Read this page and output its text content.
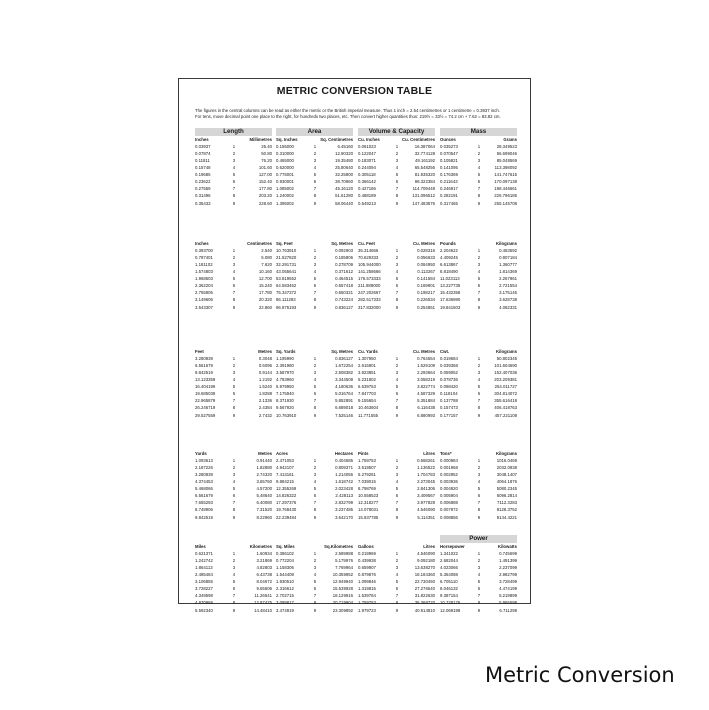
METRIC CONVERSION TABLE
The figures in the central columns can be read as either the metric or the British imperial measure. Thus 1 inch = 2.54 centimetres or 1 centimetre = 0.3937 inch.
For tens, move decimal point one place to the right, for hundreds two places, etc. Then convert higher quantities thus: 219½ = 33½ = 74.2 cm + 7.62 = 83.82 cm.
Length
Inches	Millimetres
0.03937	1	25.40
0.07874	2	50.80
0.11811	3	76.20
0.15748	4	101.60
0.19685	5	127.00
0.23622	6	152.40
0.27559	7	177.80
0.31496	8	203.20
0.35433	9	228.60
Area
Sq. Inches	Sq. Centimetres
0.155000	1	6.45160
0.310000	2	12.90320
0.465000	3	19.35480
0.620000	4	25.80640
0.775001	5	32.25800
0.930001	6	38.70960
1.085002	7	45.16120
1.240002	8	51.61280
1.395002	9	58.06440
Volume & Capacity
Cu. Inches	Cu. Centimetres
0.061023	1	16.387064
0.122047	2	32.774128
0.183071	3	49.161192
0.244094	4	65.548256
0.305118	5	81.935320
0.366142	6	98.322384
0.427166	7	114.709448
0.488189	8	131.096512
0.549213	9	147.483576
Mass
Ounces	Grams
0.035273	1	28.349523
0.070547	2	56.699046
0.105821	3	85.048569
0.141095	4	113.398092
0.176369	5	141.747615
0.211643	6	170.097138
0.246917	7	198.446661
0.282191	8	226.796185
0.317465	9	255.145708
Inches	Centimetres
0.393700	1	2.540
0.787401	2	5.080
1.181102	3	7.620
1.574803	4	10.160
1.968503	5	12.700
2.362204	6	15.240
2.755905	7	17.780
3.149606	8	20.320
3.543307	9	22.860
Sq. Feet	Sq. Metres
10.763910	1	0.092903
21.527820	2	0.185806
32.291731	3	0.278709
43.055641	4	0.371612
53.819552	5	0.464515
64.583462	6	0.557418
75.347372	7	0.650321
86.111283	8	0.743224
96.875193	9	0.836127
Cu. Feet	Cu. Metres
35.314666	1	0.028316
70.629333	2	0.056633
105.944000	3	0.084950
141.258666	4	0.113267
176.573333	5	0.141584
211.888000	6	0.169901
247.202667	7	0.198217
282.517333	8	0.226534
317.832000	9	0.254851
Pounds	Kilograms
2.204622	1	0.453592
4.409245	2	0.907184
6.613867	3	1.360777
8.818490	4	1.814369
11.023113	5	2.267961
13.227735	6	2.721554
15.432358	7	3.175146
17.636980	8	3.628738
19.841603	9	4.082331
Feet	Metres
3.280839	1	0.3048
6.561679	2	0.6096
9.842519	3	0.9144
13.123359	4	1.2192
16.404199	5	1.5240
19.685039	6	1.8288
22.965879	7	2.1336
26.246719	8	2.4384
29.527559	9	2.7432
Sq. Yards	Sq. Metres
1.195990	1	0.836127
2.391980	2	1.672254
3.587970	3	2.508382
4.783960	4	3.344509
5.979950	5	4.180636
7.175940	6	5.016764
8.371930	7	5.852891
9.567920	8	6.689018
10.763910	9	7.525146
Cu. Yards	Cu. Metres
1.307950	1	0.764554
2.615901	2	1.529109
3.923851	3	2.293664
5.231802	4	3.058219
6.539753	5	3.822774
7.847703	6	4.587329
9.155654	7	5.351884
10.463604	8	6.116438
11.771555	9	6.880993
Cwt.	Kilograms
0.019684	1	50.802345
0.039368	2	101.604690
0.059052	3	152.407036
0.078736	4	203.209381
0.098420	5	254.011727
0.118104	6	304.814072
0.137788	7	355.616418
0.157473	8	406.418763
0.177157	9	457.221108
Yards	Metres
1.093613	1	0.91440
2.187226	2	1.82880
3.280839	3	2.74320
4.374453	4	3.65760
5.468066	5	4.57200
6.561679	6	5.48640
7.655293	7	6.40080
8.748906	8	7.31520
9.842519	9	8.22960
Acres	Hectares
2.471053	1	0.404685
4.942107	2	0.809371
7.413161	3	1.214056
9.884215	4	1.618742
12.355269	5	2.023428
14.826322	6	2.428113
17.297376	7	2.832799
19.768430	8	3.237485
22.239484	9	3.642170
Pints	Litres
1.759753	1	0.568261
3.519507	2	1.136522
5.279261	3	1.704783
7.039015	4	2.273045
8.798769	5	2.841306
10.558523	6	3.409567
12.318277	7	3.977828
14.078031	8	4.546090
15.837785	9	5.114351
Tons*	Kilograms
0.000984	1	1016.0469
0.001968	2	2032.0938
0.002952	3	3048.1407
0.003936	4	4064.1876
0.004920	5	5080.2345
0.005904	6	6096.2814
0.006888	7	7112.3283
0.007872	8	8128.3752
0.008856	9	9144.4221
Miles	Kilometres
0.621371	1	1.60934
1.242742	2	3.21869
1.864113	3	4.82803
2.485484	4	6.43738
3.106855	5	8.04672
3.728227	6	9.65606
4.349598	7	11.26541
4.970969	8	12.87475
5.592340	9	14.48410
Sq. Miles	Sq.Kilometres
0.386102	1	2.589988
0.772204	2	5.179976
1.158306	3	7.769964
1.544408	4	10.359952
1.930510	5	12.949940
2.316612	6	15.539928
2.702715	7	18.129916
3.088817	8	20.719904
3.474919	9	23.309892
Gallons	Litres
0.219969	1	4.546090
0.439938	2	9.092180
0.659907	3	13.638270
0.879876	4	18.184360
1.099846	5	22.730450
1.319815	6	27.276540
1.539784	7	31.822630
1.759753	8	36.368720
1.979723	9	40.914810
Power
Horsepower	Kilowatts
1.341022	1	0.745699
2.682044	2	1.491399
4.023066	3	2.237099
5.364088	4	2.982799
6.705110	5	3.728499
8.046132	6	4.474199
9.387154	7	5.219899
10.728176	8	5.965598
12.069198	9	6.711298
Metric Conversion
